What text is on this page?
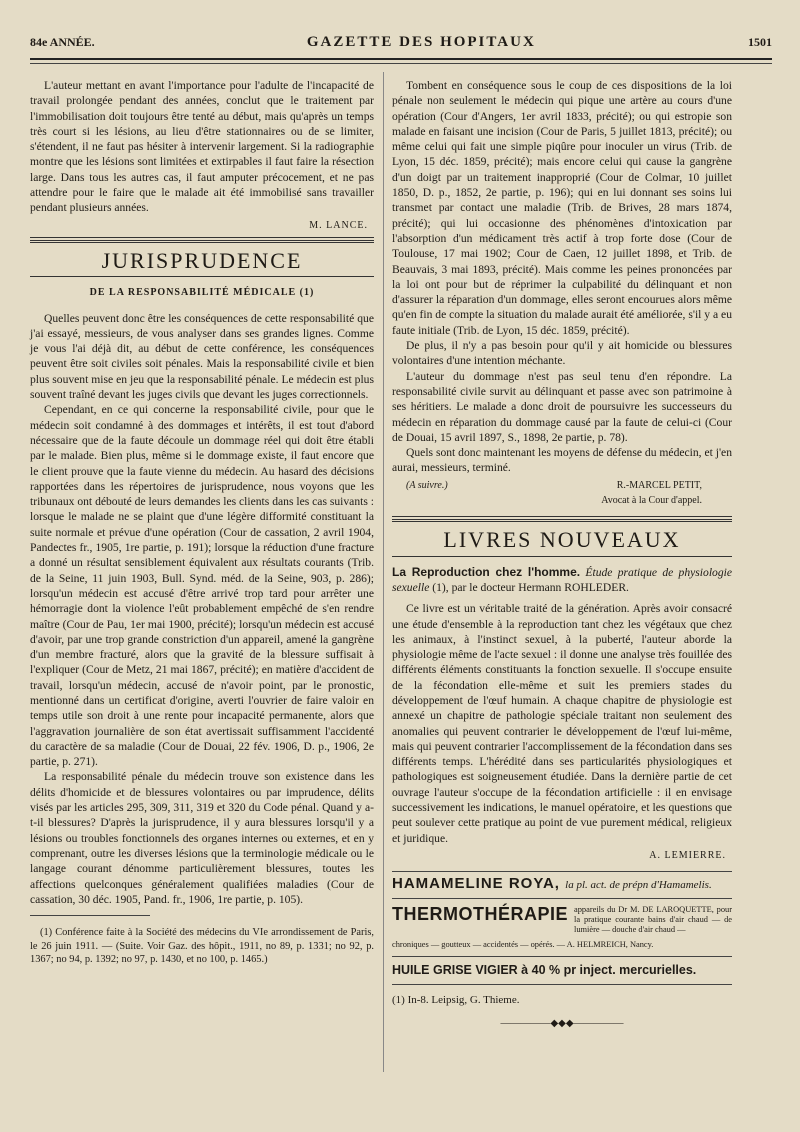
84e ANNÉE.	GAZETTE DES HOPITAUX	1501

L'auteur mettant en avant l'importance pour l'adulte de l'incapacité de travail prolongée pendant des années, conclut que le traitement par l'immobilisation doit toujours être tenté au début, mais qu'après un temps très court si les lésions, au lieu d'être stationnaires ou de se limiter, s'étendent, il ne faut pas hésiter à intervenir largement. Si la radiographie montre que les lésions sont limitées et extirpables il faut faire la résection large. Dans tous les autres cas, il faut amputer précocement, et ne pas attendre pour le faire que le malade ait été immobilisé sans travailler pendant plusieurs années.

M. LANCE.
JURISPRUDENCE
DE LA RESPONSABILITÉ MÉDICALE (1)

Quelles peuvent donc être les conséquences de cette responsabilité que j'ai essayé, messieurs, de vous analyser dans ses grandes lignes. Comme je vous l'ai déjà dit, au début de cette conférence, les conséquences peuvent être soit civiles soit pénales. Mais la responsabilité civile et bien plus souvent mise en jeu que la responsabilité pénale. Le médecin est plus souvent traîné devant les juges civils que devant les juges correctionnels.

Cependant, en ce qui concerne la responsabilité civile, pour que le médecin soit condamné à des dommages et intérêts, il est tout d'abord nécessaire que de la faute découle un dommage réel qui doit être établi par le malade. Bien plus, même si le dommage existe, il faut encore que le client prouve que la faute vienne du médecin. Au hasard des décisions rapportées dans les répertoires de jurisprudence, nous voyons que les tribunaux ont débouté de leurs demandes les clients dans les cas suivants : lorsque le malade ne se plaint que d'une légère difformité constituant la suite normale et prévue d'une opération (Cour de cassation, 2 avril 1904, Pandectes fr., 1905, 1re partie, p. 191); lorsque la réduction d'une fracture a donné un résultat sensiblement équivalent aux résultats courants (Trib. de la Seine, 11 juin 1903, Bull. Synd. méd. de la Seine, 903, p. 286); lorsqu'un médecin est accusé d'être arrivé trop tard pour arrêter une hémorragie dont la violence l'eût probablement empêché de s'en rendre maître (Cour de Pau, 1er mai 1900, précité); lorsqu'un médecin est accusé d'avoir, par une trop grande constriction d'un appareil, amené la gangrène d'un membre fracturé, alors que la gravité de la blessure suffisait à l'expliquer (Cour de Metz, 21 mai 1867, précité); en matière d'accident de travail, lorsqu'un médecin, accusé de n'avoir point, par le pronostic, mentionné dans un certificat d'origine, averti l'ouvrier de faire valoir en temps utile son droit à une rente pour incapacité permanente, alors que l'aggravation journalière de son état avertissait suffisamment l'accidenté du caractère de sa maladie (Cour de Douai, 22 fév. 1906, D. p., 1906, 2e partie, p. 271).

La responsabilité pénale du médecin trouve son existence dans les délits d'homicide et de blessures volontaires ou par imprudence, délits visés par les articles 295, 309, 311, 319 et 320 du Code pénal. Quand y a-t-il blessures? D'après la jurisprudence, il y aura blessures lorsqu'il y a lésions ou troubles fonctionnels des organes internes ou externes, et en y comprenant, outre les diverses lésions que la terminologie médicale ou le langage courant dénomme particulièrement blessures, toutes les affections quelconques généralement qualifiées maladies (Cour de cassation, 30 déc. 1905, Pand. fr., 1906, 1re partie, p. 105).

(1) Conférence faite à la Société des médecins du VIe arrondissement de Paris, le 26 juin 1911. — (Suite. Voir Gaz. des hôpit., 1911, no 89, p. 1331; no 92, p. 1367; no 94, p. 1392; no 97, p. 1430, et no 100, p. 1465.)

Tombent en conséquence sous le coup de ces dispositions de la loi pénale non seulement le médecin qui pique une artère au cours d'une opération (Cour d'Angers, 1er avril 1833, précité); ou qui estropie son malade en faisant une incision (Cour de Paris, 5 juillet 1813, précité); ou même celui qui fait une simple piqûre pour inoculer un virus (Trib. de Lyon, 15 déc. 1859, précité); mais encore celui qui cause la gangrène d'un doigt par un traitement inapproprié (Cour de Colmar, 10 juillet 1850, D. p., 1852, 2e partie, p. 196); qui en lui donnant ses soins lui transmet par contact une maladie (Trib. de Brives, 28 mars 1874, précité); qui lui occasionne des phénomènes d'intoxication par l'absorption d'un médicament très actif à trop forte dose (Cour de Toulouse, 17 mai 1902; Cour de Caen, 12 juillet 1898, et Trib. de Beauvais, 3 mai 1893, précité). Mais comme les peines prononcées par la loi ont pour but de réprimer la culpabilité du délinquant et non d'assurer la réparation d'un dommage, elles seront encourues alors même qu'en fin de compte la situation du malade aurait été améliorée, s'il y a eu faute initiale (Trib. de Lyon, 15 déc. 1859, précité).

De plus, il n'y a pas besoin pour qu'il y ait homicide ou blessures volontaires d'une intention méchante.

L'auteur du dommage n'est pas seul tenu d'en répondre. La responsabilité civile survit au délinquant et passe avec son patrimoine à ses héritiers. Le malade a donc droit de poursuivre les successeurs du médecin en réparation du dommage causé par la faute de celui-ci (Cour de Douai, 15 avril 1897, S., 1898, 2e partie, p. 78).

Quels sont donc maintenant les moyens de défense du médecin, et j'en aurai, messieurs, terminé.

(A suivre.)	R.-MARCEL PETIT,
Avocat à la Cour d'appel.
LIVRES NOUVEAUX

La Reproduction chez l'homme. Étude pratique de physiologie sexuelle (1), par le docteur Hermann ROHLEDER.

Ce livre est un véritable traité de la génération. Après avoir consacré une étude d'ensemble à la reproduction tant chez les végétaux que chez les animaux, à l'instinct sexuel, à la puberté, l'auteur aborde la physiologie même de l'acte sexuel : il donne une analyse très fouillée des différents éléments constituants la fonction sexuelle. Il s'occupe ensuite de la fécondation elle-même et suit les premiers stades du développement de l'œuf humain. A chaque chapitre de physiologie est annexé un chapitre de pathologie spéciale traitant non seulement des anomalies qui peuvent contrarier le développement de l'œuf lui-même, mais qui peuvent contrarier l'accomplissement de la fécondation dans ses différents temps. L'hérédité dans ses particularités physiologiques et pathologiques est soigneusement étudiée. Dans la dernière partie de cet ouvrage l'auteur s'occupe de la fécondation artificielle : il en envisage successivement les indications, le manuel opératoire, et les questions que peut soulever cette pratique au point de vue purement médical, religieux et juridique.

A. LEMIERRE.
HAMAMELINE ROYA, la pl. act. de prépn d'Hamamelis.
THERMOTHÉRAPIE appareils du Dr M. DE LAROQUETTE, pour la pratique courante bains d'air chaud — de lumière — douche d'air chaud —
chroniques — goutteux — accidentés — opérés. — A. HELMREICH, Nancy.
HUILE GRISE VIGIER à 40 % pr inject. mercurielles.
(1) In-8. Leipsig, G. Thieme.
—————◆◆◆—————
